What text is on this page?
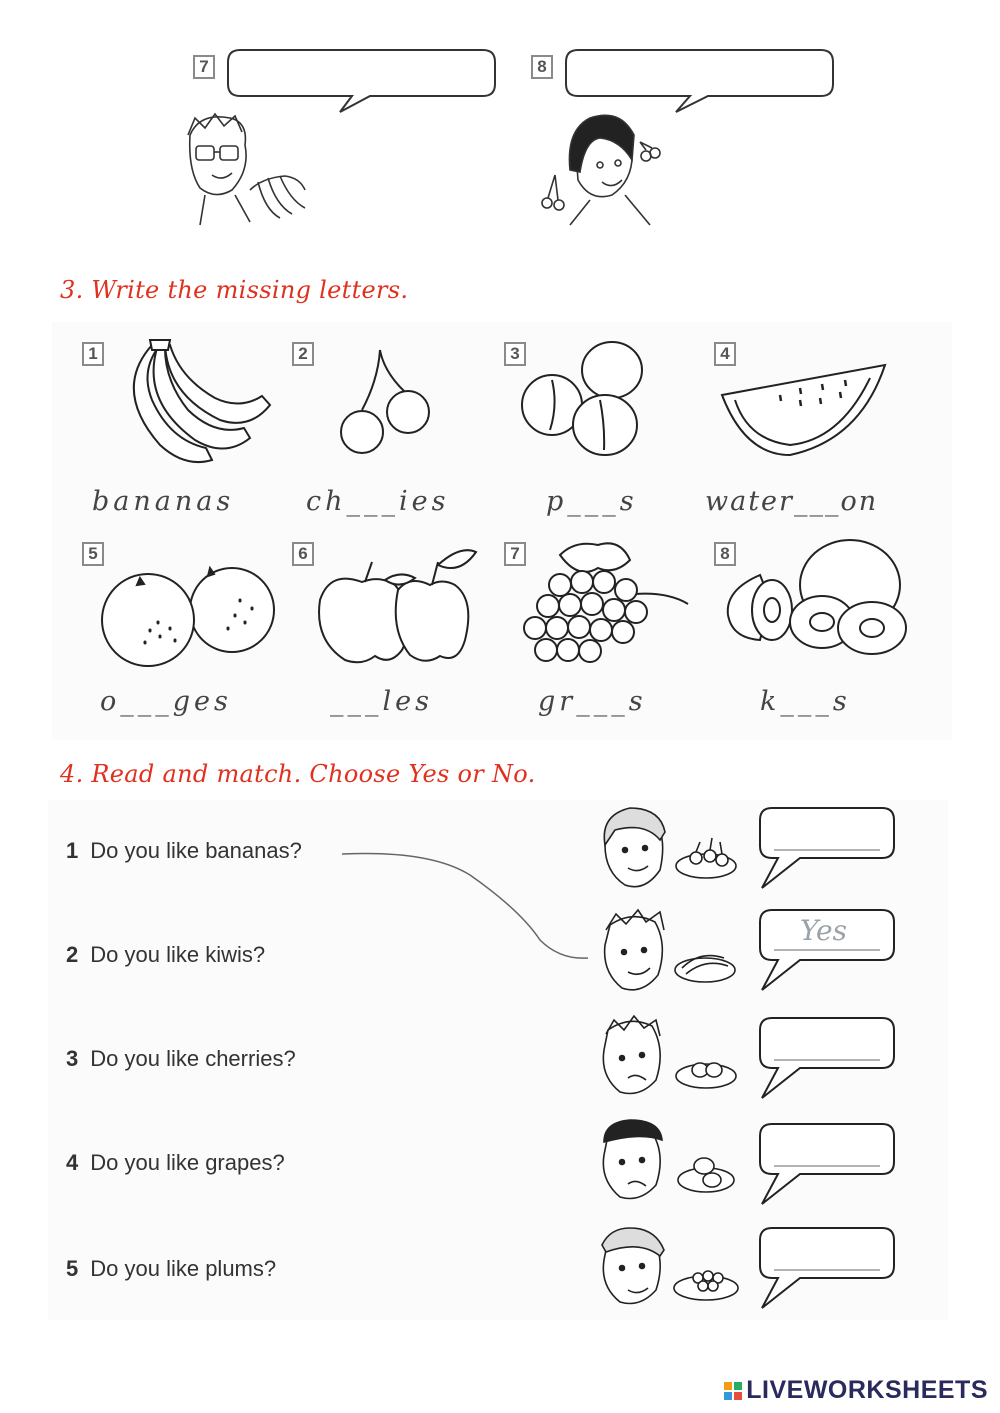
7	8
3. Write the missing letters.
1	2	3	4
5	6	7	8
bananas	ch___ies	p___s water___on
o___ges	___les	gr___s	k___s
4. Read and match. Choose Yes or No.
1 Do you like bananas?
2 Do you like kiwis?
3 Do you like cherries?
4 Do you like grapes?
5 Do you like plums?
Yes
LIVEWORKSHEETS
